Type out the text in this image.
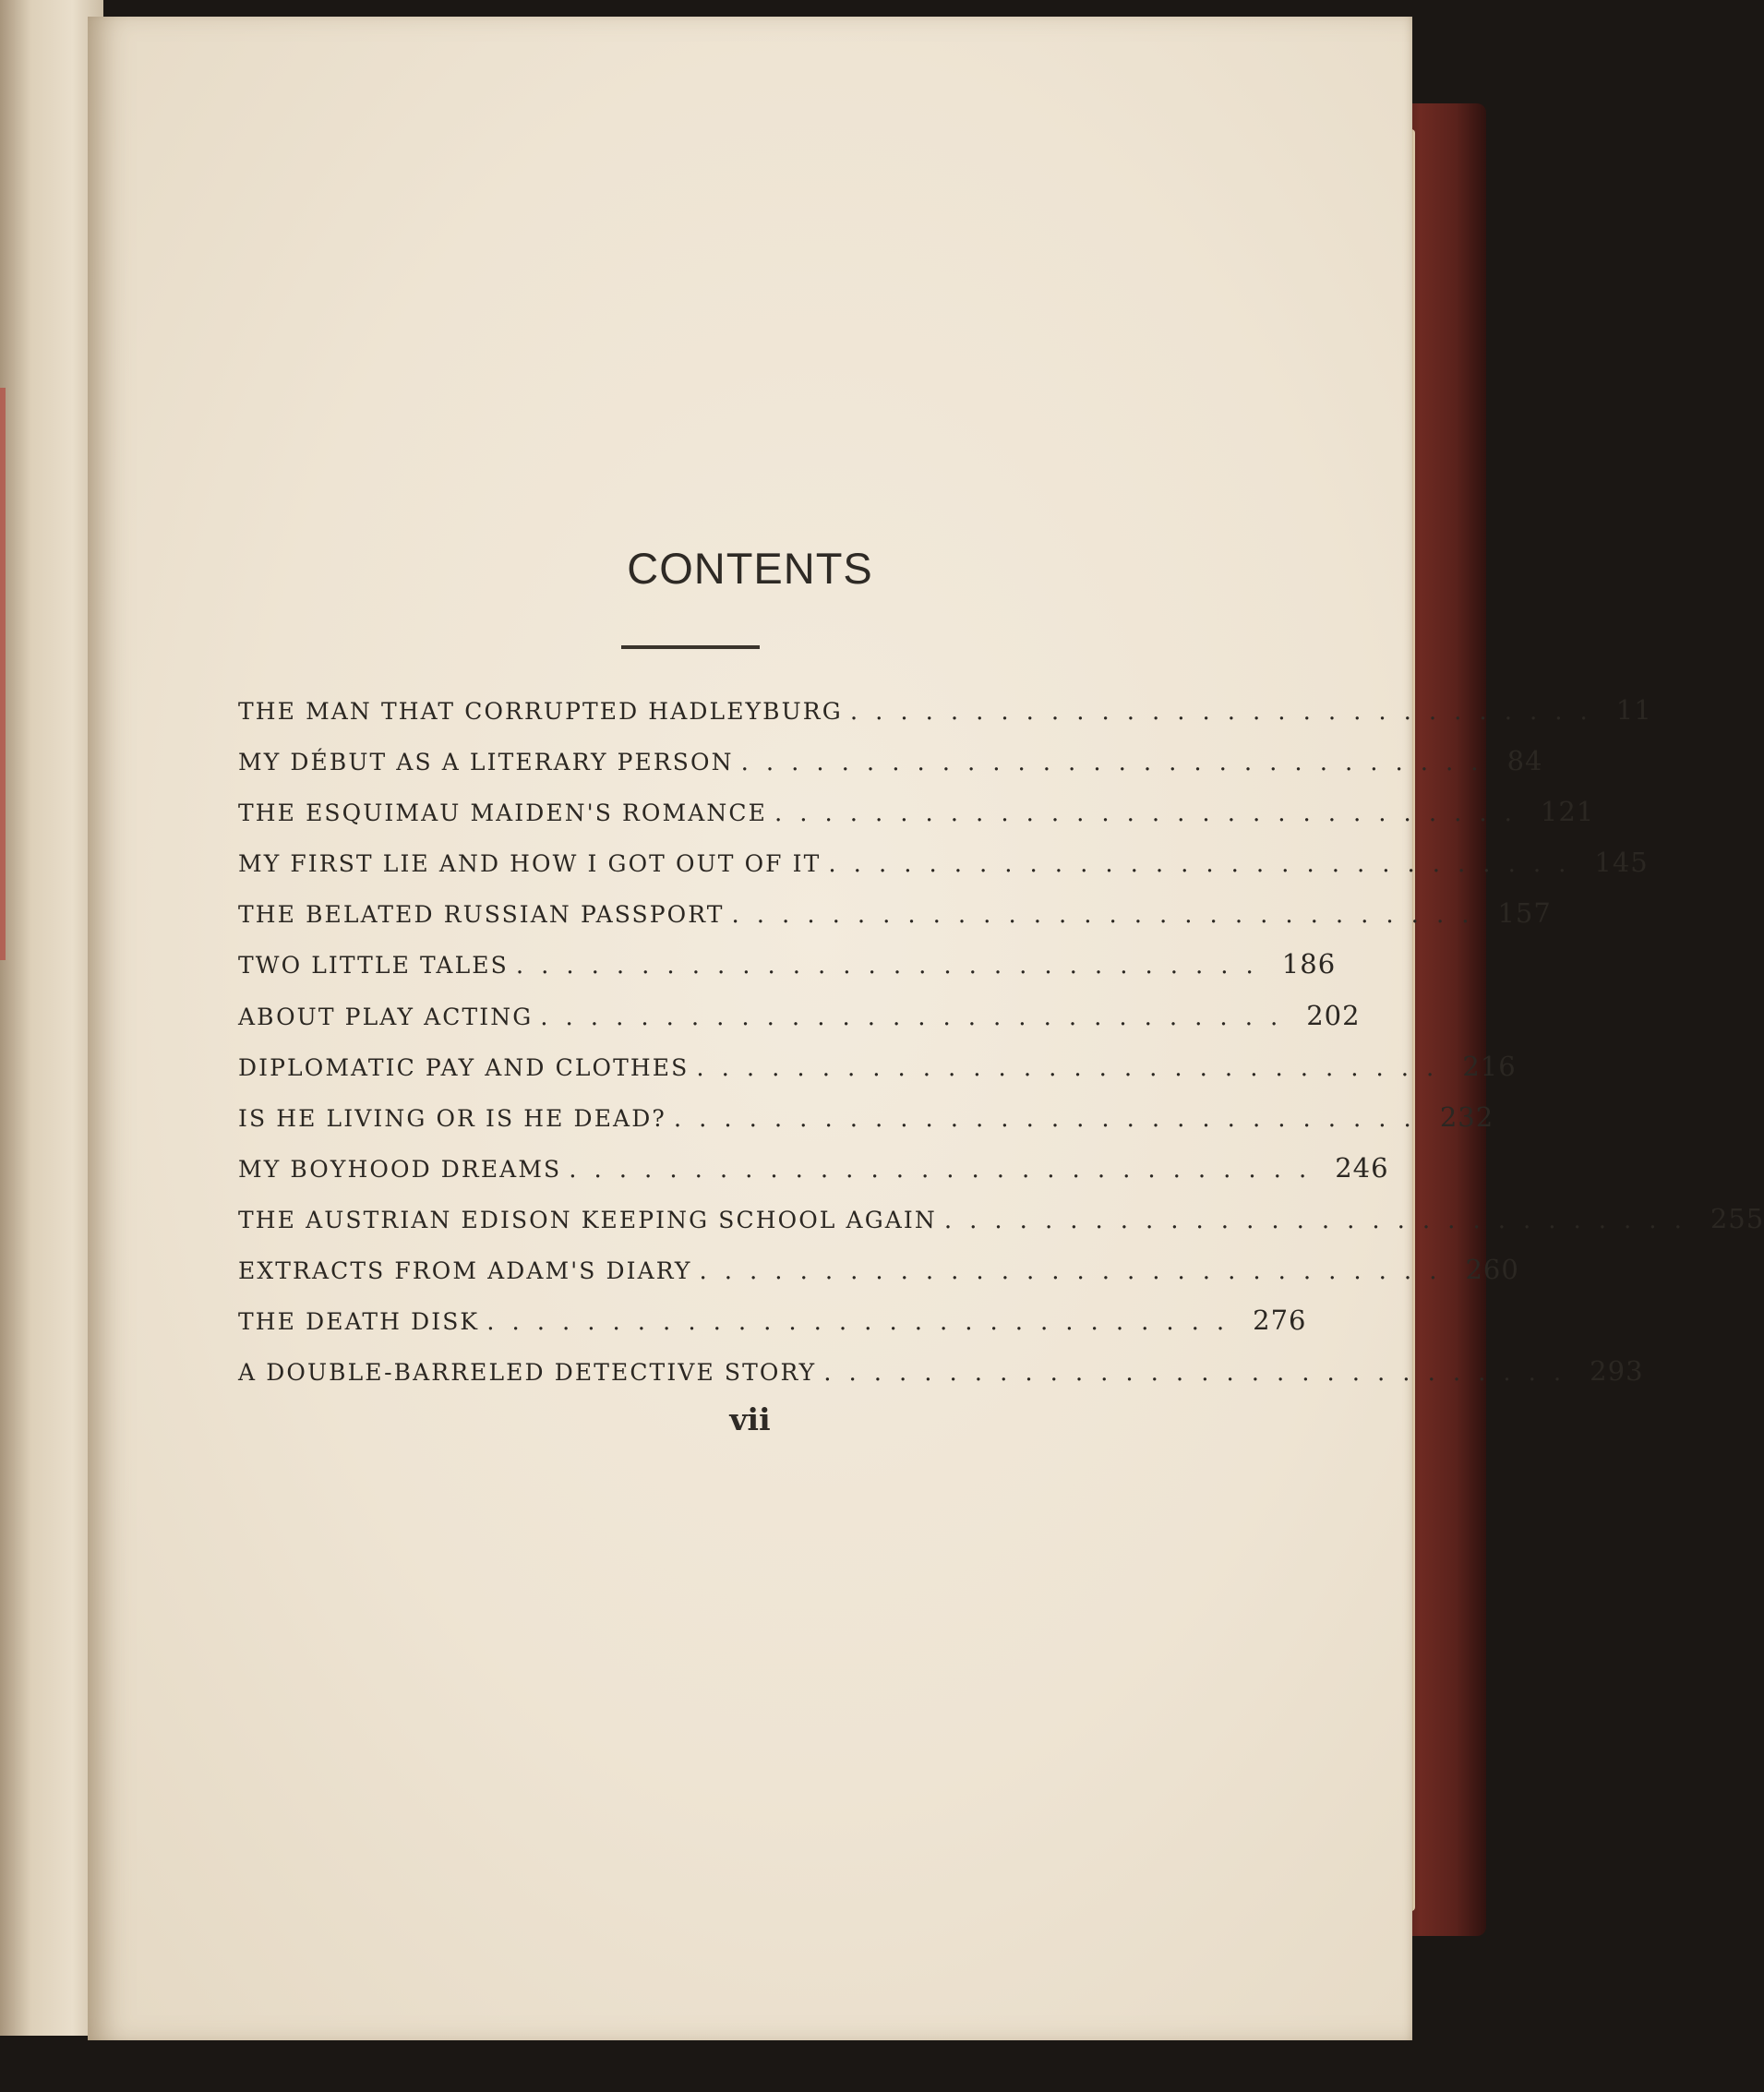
CONTENTS
THE MAN THAT CORRUPTED HADLEYBURG .............................. 11
MY DÉBUT AS A LITERARY PERSON .............................. 84
THE ESQUIMAU MAIDEN'S ROMANCE .............................. 121
MY FIRST LIE AND HOW I GOT OUT OF IT .............................. 145
THE BELATED RUSSIAN PASSPORT .............................. 157
TWO LITTLE TALES .............................. 186
ABOUT PLAY ACTING .............................. 202
DIPLOMATIC PAY AND CLOTHES .............................. 216
IS HE LIVING OR IS HE DEAD? .............................. 232
MY BOYHOOD DREAMS .............................. 246
THE AUSTRIAN EDISON KEEPING SCHOOL AGAIN .............................. 255
EXTRACTS FROM ADAM'S DIARY .............................. 260
THE DEATH DISK .............................. 276
A DOUBLE-BARRELED DETECTIVE STORY .............................. 293
vii
